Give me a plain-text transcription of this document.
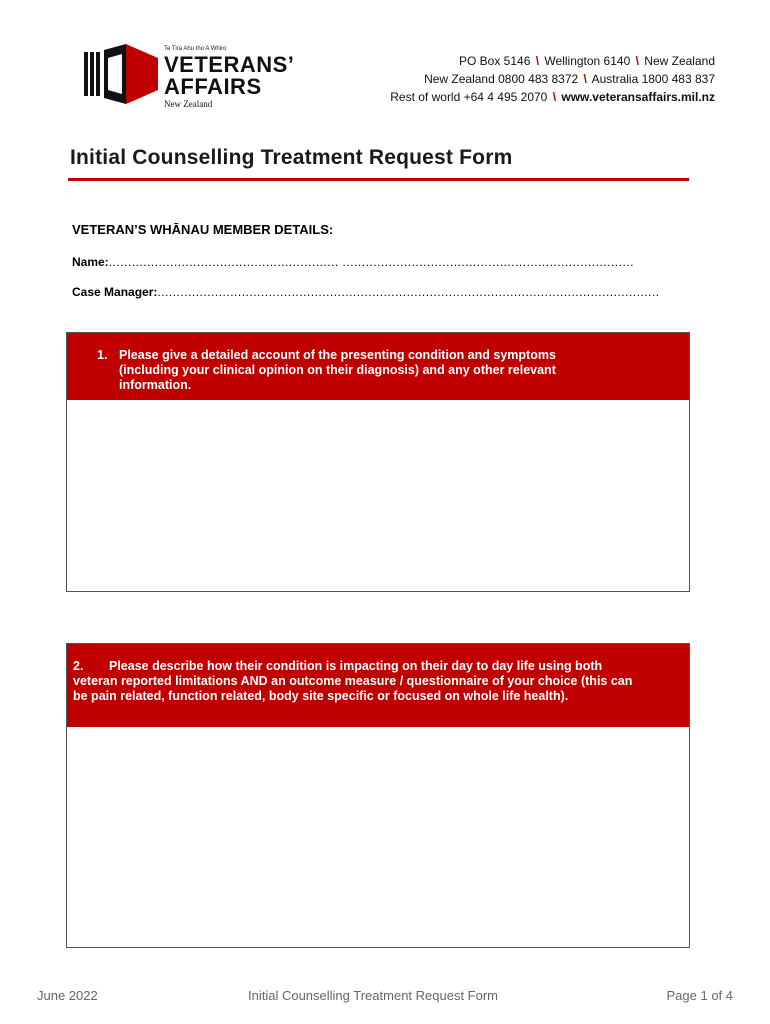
Te Tira Ahu Iho A Whiro
VETERANS’
AFFAIRS
New Zealand
PO Box 5146 \ Wellington 6140 \ New Zealand
New Zealand 0800 483 8372 \ Australia 1800 483 837
Rest of world +64 4 495 2070 \ www.veteransaffairs.mil.nz
Initial Counselling Treatment Request Form
VETERAN’S WHĀNAU MEMBER DETAILS:
Name:............................................................ ............................................................................
Case Manager:...................................................................................................................................
1. Please give a detailed account of the presenting condition and symptoms (including your clinical opinion on their diagnosis) and any other relevant information.
2. Please describe how their condition is impacting on their day to day life using both veteran reported limitations AND an outcome measure / questionnaire of your choice (this can be pain related, function related, body site specific or focused on whole life health).
June 2022	Initial Counselling Treatment Request Form	Page 1 of 4
